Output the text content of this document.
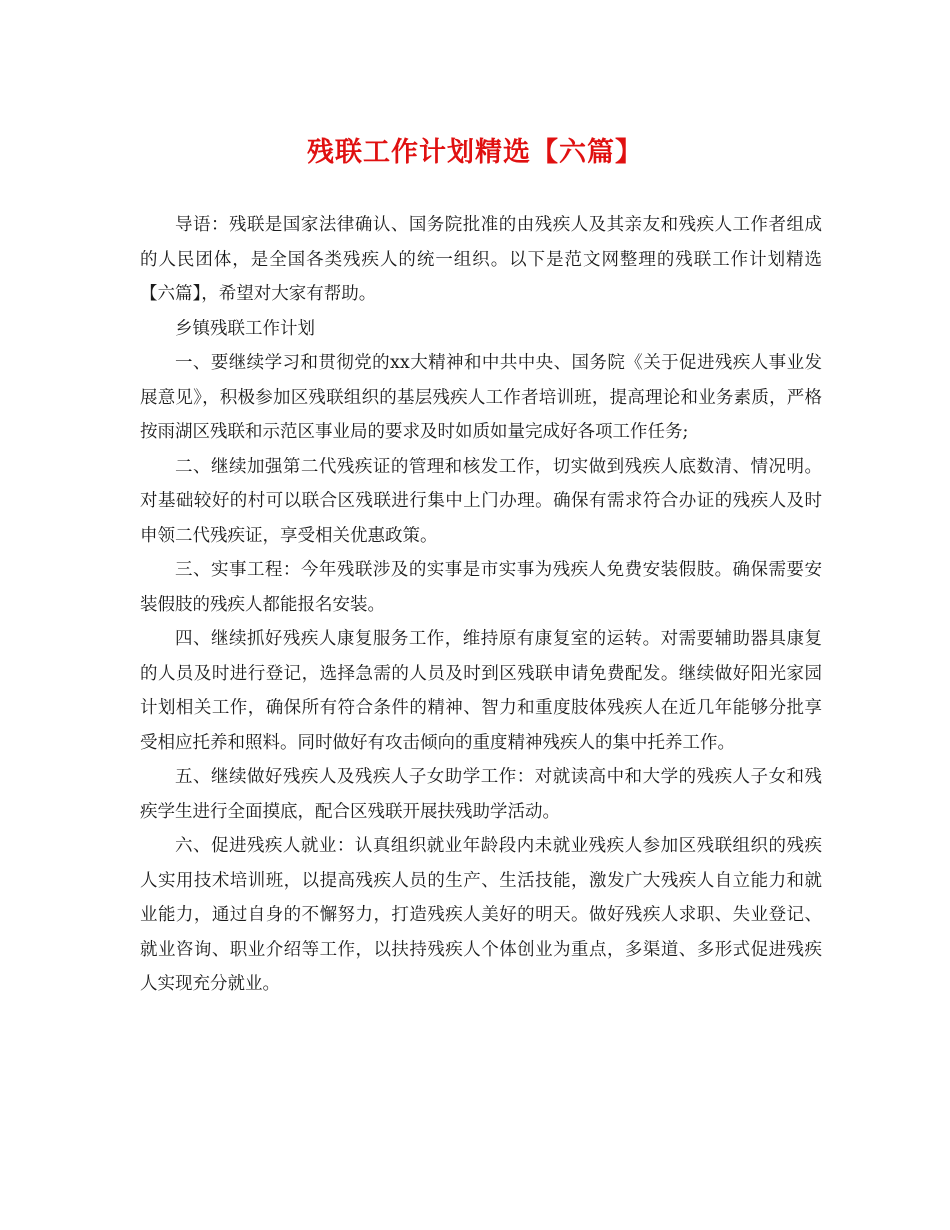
残联工作计划精选【六篇】

导语：残联是国家法律确认、国务院批准的由残疾人及其亲友和残疾人工作者组成的人民团体，是全国各类残疾人的统一组织。以下是范文网整理的残联工作计划精选【六篇】，希望对大家有帮助。

乡镇残联工作计划

一、要继续学习和贯彻党的xx大精神和中共中央、国务院《关于促进残疾人事业发展意见》，积极参加区残联组织的基层残疾人工作者培训班，提高理论和业务素质，严格按雨湖区残联和示范区事业局的要求及时如质如量完成好各项工作任务;

二、继续加强第二代残疾证的管理和核发工作，切实做到残疾人底数清、情况明。对基础较好的村可以联合区残联进行集中上门办理。确保有需求符合办证的残疾人及时申领二代残疾证，享受相关优惠政策。

三、实事工程：今年残联涉及的实事是市实事为残疾人免费安装假肢。确保需要安装假肢的残疾人都能报名安装。

四、继续抓好残疾人康复服务工作，维持原有康复室的运转。对需要辅助器具康复的人员及时进行登记，选择急需的人员及时到区残联申请免费配发。继续做好阳光家园计划相关工作，确保所有符合条件的精神、智力和重度肢体残疾人在近几年能够分批享受相应托养和照料。同时做好有攻击倾向的重度精神残疾人的集中托养工作。

五、继续做好残疾人及残疾人子女助学工作：对就读高中和大学的残疾人子女和残疾学生进行全面摸底，配合区残联开展扶残助学活动。

六、促进残疾人就业：认真组织就业年龄段内未就业残疾人参加区残联组织的残疾人实用技术培训班，以提高残疾人员的生产、生活技能，激发广大残疾人自立能力和就业能力，通过自身的不懈努力，打造残疾人美好的明天。做好残疾人求职、失业登记、就业咨询、职业介绍等工作，以扶持残疾人个体创业为重点，多渠道、多形式促进残疾人实现充分就业。
